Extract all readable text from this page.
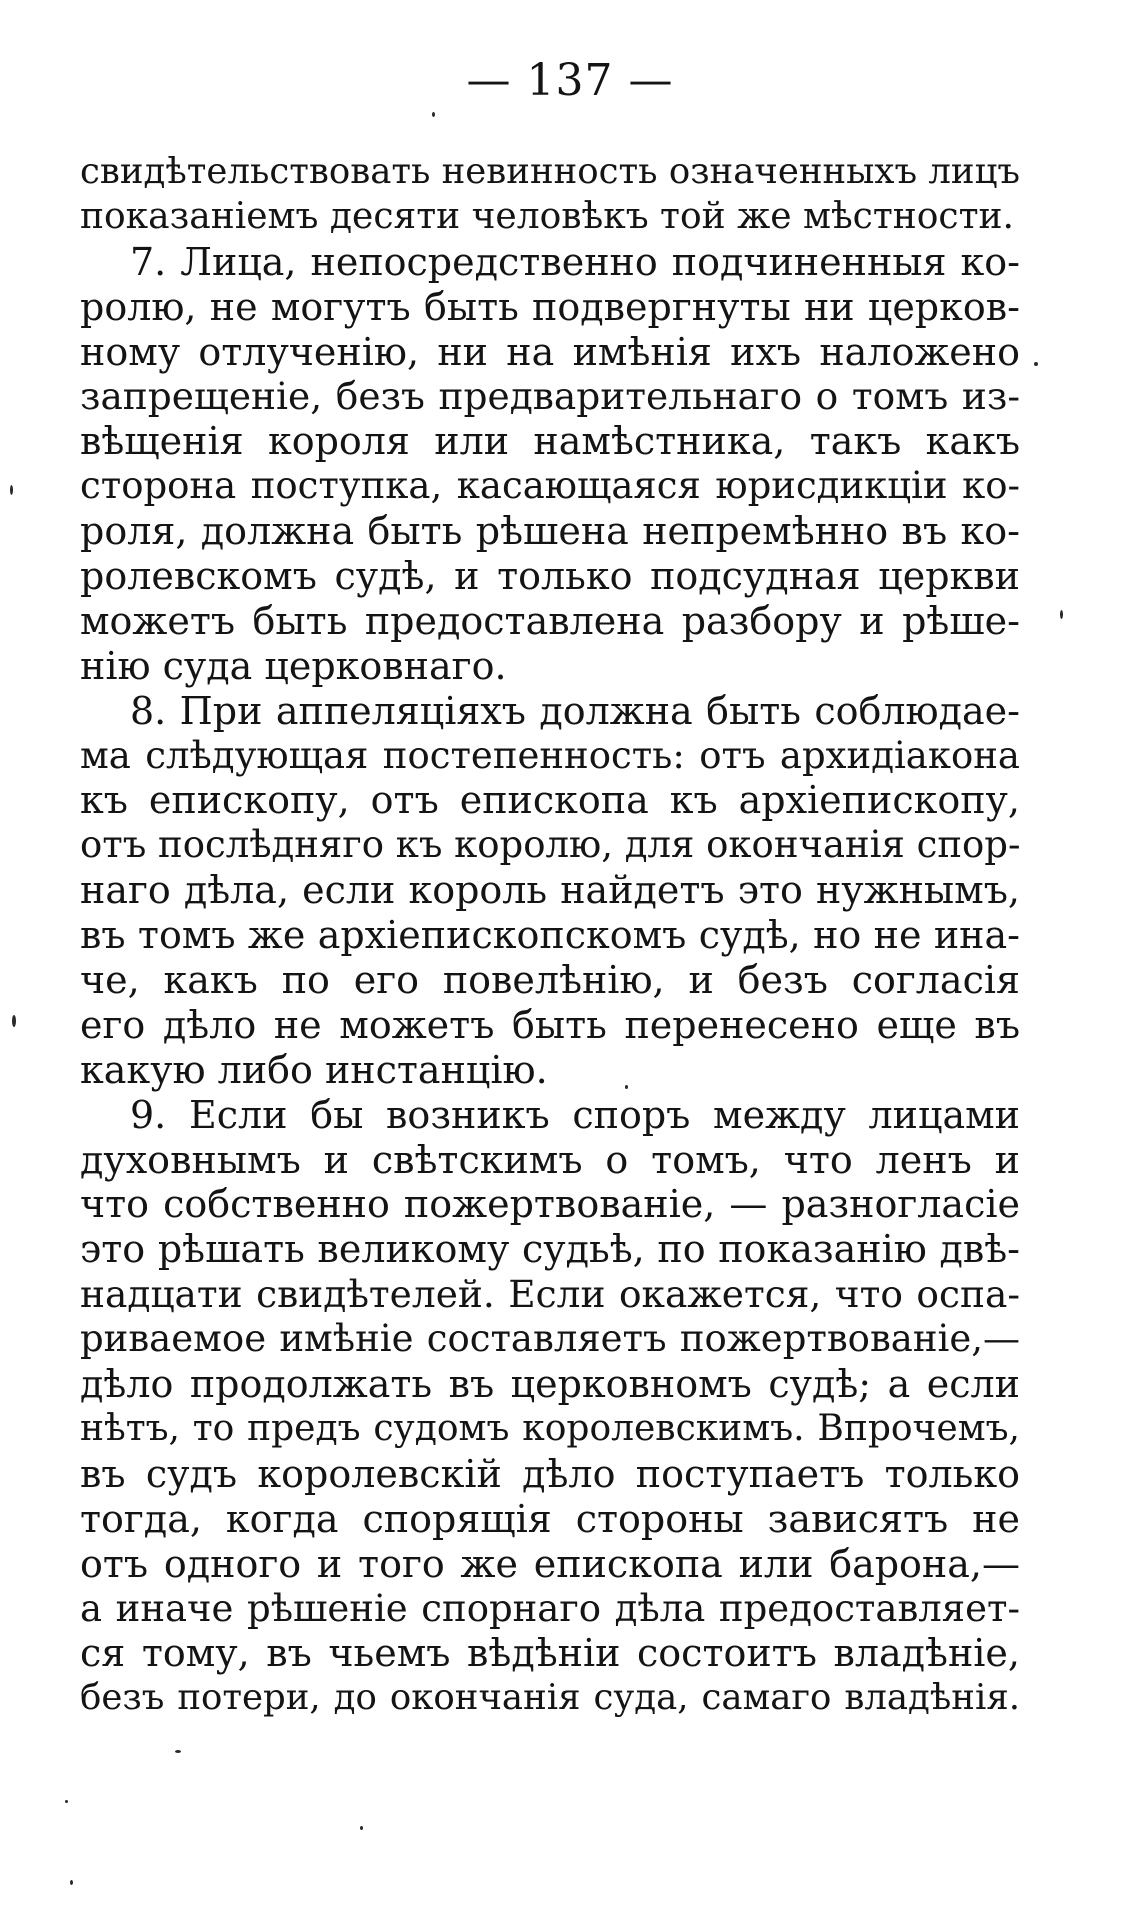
— 137 —
свидѣтельствовать невинность означенныхъ лицъ
показаніемъ десяти человѣкъ той же мѣстности.
7. Лица, непосредственно подчиненныя ко-
ролю, не могутъ быть подвергнуты ни церков-
ному отлученію, ни на имѣнія ихъ наложено
запрещеніе, безъ предварительнаго о томъ из-
вѣщенія короля или намѣстника, такъ какъ
сторона поступка, касающаяся юрисдикціи ко-
роля, должна быть рѣшена непремѣнно въ ко-
ролевскомъ судѣ, и только подсудная церкви
можетъ быть предоставлена разбору и рѣше-
нію суда церковнаго.
8. При аппеляціяхъ должна быть соблюдае-
ма слѣдующая постепенность: отъ архидіакона
къ епископу, отъ епископа къ архіепископу,
отъ послѣдняго къ королю, для окончанія спор-
наго дѣла, если король найдетъ это нужнымъ,
въ томъ же архіепископскомъ судѣ, но не ина-
че, какъ по его повелѣнію, и безъ согласія
его дѣло не можетъ быть перенесено еще въ
какую либо инстанцію.
9. Если бы возникъ споръ между лицами
духовнымъ и свѣтскимъ о томъ, что ленъ и
что собственно пожертвованіе, — разногласіе
это рѣшать великому судьѣ, по показанію двѣ-
надцати свидѣтелей. Если окажется, что оспа-
риваемое имѣніе составляетъ пожертвованіе,—
дѣло продолжать въ церковномъ судѣ; а если
нѣтъ, то предъ судомъ королевскимъ. Впрочемъ,
въ судъ королевскій дѣло поступаетъ только
тогда, когда спорящія стороны зависятъ не
отъ одного и того же епископа или барона,—
а иначе рѣшеніе спорнаго дѣла предоставляет-
ся тому, въ чьемъ вѣдѣніи состоитъ владѣніе,
безъ потери, до окончанія суда, самаго владѣнія.
